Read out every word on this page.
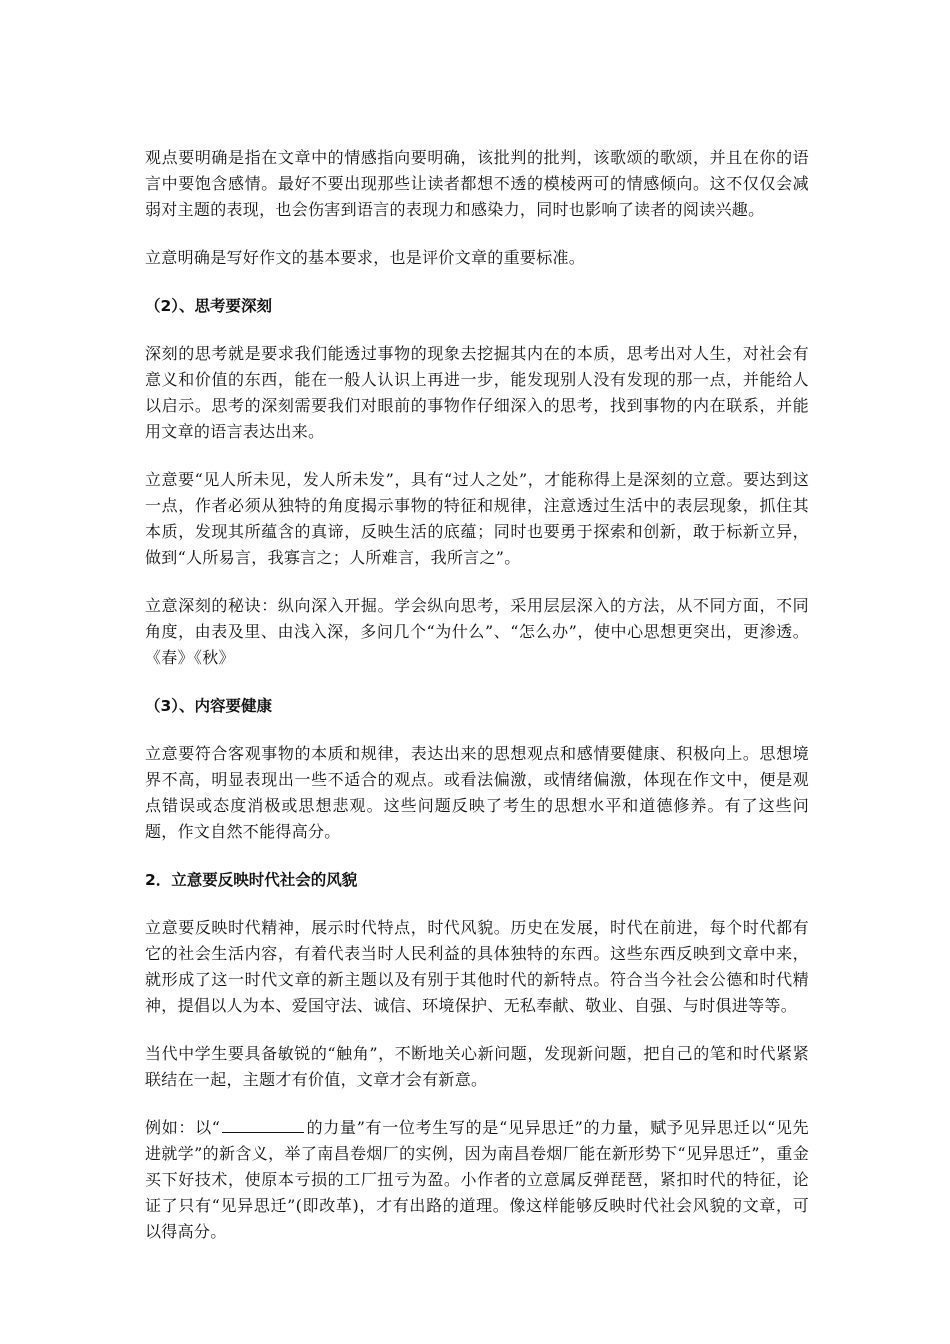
观点要明确是指在文章中的情感指向要明确，该批判的批判，该歌颂的歌颂，并且在你的语言中要饱含感情。最好不要出现那些让读者都想不透的模棱两可的情感倾向。这不仅仅会减弱对主题的表现，也会伤害到语言的表现力和感染力，同时也影响了读者的阅读兴趣。

立意明确是写好作文的基本要求，也是评价文章的重要标准。

（2）、思考要深刻

深刻的思考就是要求我们能透过事物的现象去挖掘其内在的本质，思考出对人生，对社会有意义和价值的东西，能在一般人认识上再进一步，能发现别人没有发现的那一点，并能给人以启示。思考的深刻需要我们对眼前的事物作仔细深入的思考，找到事物的内在联系，并能用文章的语言表达出来。

立意要“见人所未见，发人所未发”，具有“过人之处”，才能称得上是深刻的立意。要达到这一点，作者必须从独特的角度揭示事物的特征和规律，注意透过生活中的表层现象，抓住其本质，发现其所蕴含的真谛，反映生活的底蕴；同时也要勇于探索和创新，敢于标新立异，做到“人所易言，我寡言之；人所难言，我所言之”。

立意深刻的秘诀：纵向深入开掘。学会纵向思考，采用层层深入的方法，从不同方面，不同角度，由表及里、由浅入深，多问几个“为什么”、“怎么办”，使中心思想更突出，更渗透。《春》《秋》

（3）、内容要健康

立意要符合客观事物的本质和规律，表达出来的思想观点和感情要健康、积极向上。思想境界不高，明显表现出一些不适合的观点。或看法偏激，或情绪偏激，体现在作文中，便是观点错误或态度消极或思想悲观。这些问题反映了考生的思想水平和道德修养。有了这些问题，作文自然不能得高分。

2．立意要反映时代社会的风貌

立意要反映时代精神，展示时代特点，时代风貌。历史在发展，时代在前进，每个时代都有它的社会生活内容，有着代表当时人民利益的具体独特的东西。这些东西反映到文章中来，就形成了这一时代文章的新主题以及有别于其他时代的新特点。符合当今社会公德和时代精神，提倡以人为本、爱国守法、诚信、环境保护、无私奉献、敬业、自强、与时俱进等等。

当代中学生要具备敏锐的“触角”，不断地关心新问题，发现新问题，把自己的笔和时代紧紧联结在一起，主题才有价值，文章才会有新意。

例如：以“	的力量”有一位考生写的是“见异思迁”的力量，赋予见异思迁以“见先进就学”的新含义，举了南昌卷烟厂的实例，因为南昌卷烟厂能在新形势下“见异思迁”，重金买下好技术，使原本亏损的工厂扭亏为盈。小作者的立意属反弹琵琶，紧扣时代的特征，论证了只有“见异思迁”(即改革)，才有出路的道理。像这样能够反映时代社会风貌的文章，可以得高分。
